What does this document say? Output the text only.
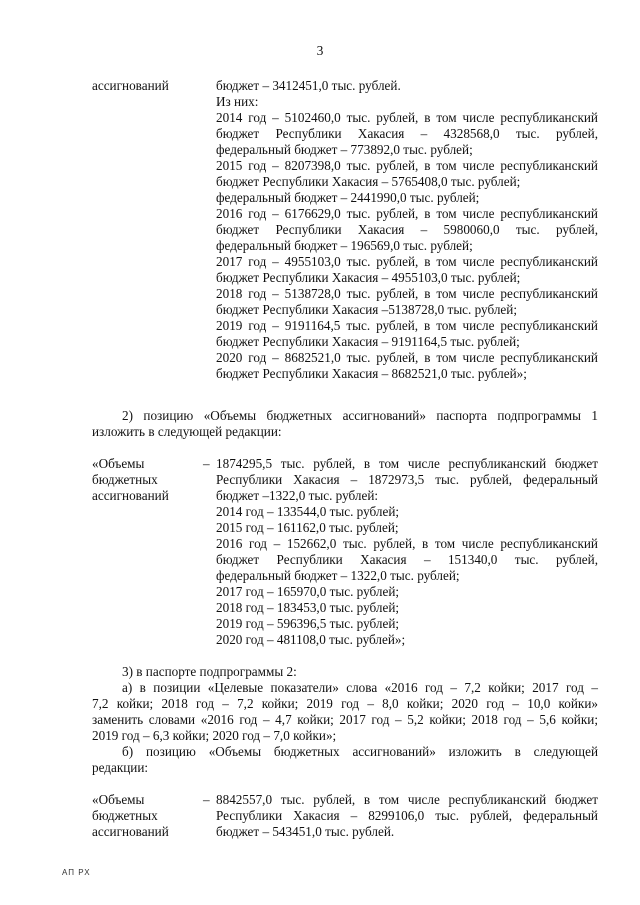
3
ассигнований	бюджет – 3412451,0 тыс. рублей.
Из них:
2014 год – 5102460,0 тыс. рублей, в том числе республиканский
бюджет Республики Хакасия – 4328568,0 тыс. рублей,
федеральный бюджет – 773892,0 тыс. рублей;
2015 год – 8207398,0 тыс. рублей, в том числе республиканский
бюджет Республики Хакасия – 5765408,0 тыс. рублей;
федеральный бюджет – 2441990,0 тыс. рублей;
2016 год – 6176629,0 тыс. рублей, в том числе республиканский
бюджет Республики Хакасия – 5980060,0 тыс. рублей,
федеральный бюджет – 196569,0 тыс. рублей;
2017 год – 4955103,0 тыс. рублей, в том числе республиканский
бюджет Республики Хакасия – 4955103,0 тыс. рублей;
2018 год – 5138728,0 тыс. рублей, в том числе республиканский
бюджет Республики Хакасия –5138728,0 тыс. рублей;
2019 год – 9191164,5 тыс. рублей, в том числе республиканский
бюджет Республики Хакасия – 9191164,5 тыс. рублей;
2020 год – 8682521,0 тыс. рублей, в том числе республиканский
бюджет Республики Хакасия – 8682521,0 тыс. рублей»;
2) позицию «Объемы бюджетных ассигнований» паспорта подпрограммы 1
изложить в следующей редакции:
«Объемы
бюджетных
ассигнований
– 1874295,5 тыс. рублей, в том числе республиканский бюджет
Республики Хакасия – 1872973,5 тыс. рублей, федеральный
бюджет –1322,0 тыс. рублей:
2014 год – 133544,0 тыс. рублей;
2015 год – 161162,0 тыс. рублей;
2016 год – 152662,0 тыс. рублей, в том числе республиканский
бюджет Республики Хакасия – 151340,0 тыс. рублей,
федеральный бюджет – 1322,0 тыс. рублей;
2017 год – 165970,0 тыс. рублей;
2018 год – 183453,0 тыс. рублей;
2019 год – 596396,5 тыс. рублей;
2020 год – 481108,0 тыс. рублей»;
3) в паспорте подпрограммы 2:
а) в позиции «Целевые показатели» слова «2016 год – 7,2 койки; 2017 год –
7,2 койки; 2018 год – 7,2 койки; 2019 год – 8,0 койки; 2020 год – 10,0 койки»
заменить словами «2016 год – 4,7 койки; 2017 год – 5,2 койки; 2018 год – 5,6 койки;
2019 год – 6,3 койки; 2020 год – 7,0 койки»;
б) позицию «Объемы бюджетных ассигнований» изложить в следующей
редакции:
«Объемы
бюджетных
ассигнований
– 8842557,0 тыс. рублей, в том числе республиканский бюджет
Республики Хакасия – 8299106,0 тыс. рублей, федеральный
бюджет – 543451,0 тыс. рублей.
АП РХ
